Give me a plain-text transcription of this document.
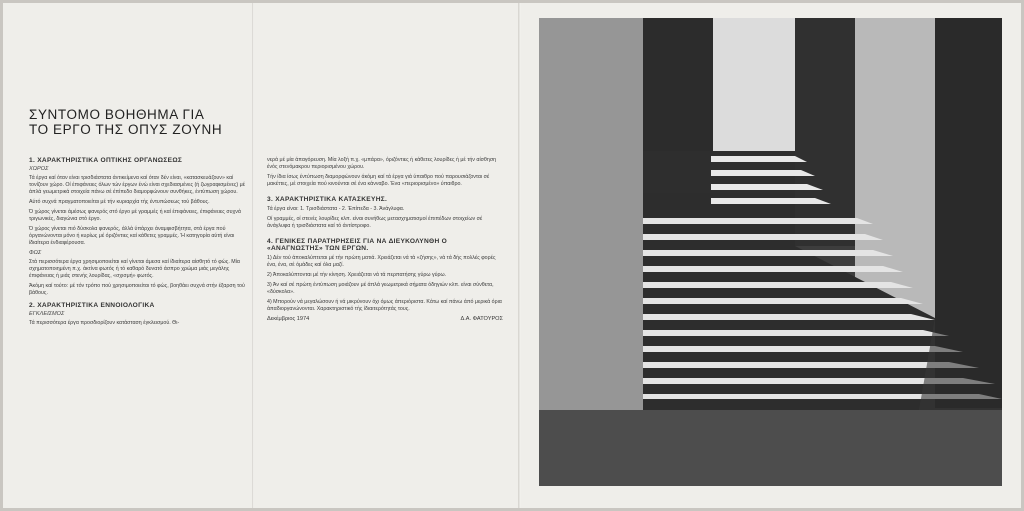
ΣΥΝΤΟΜΟ ΒΟΗΘΗΜΑ ΓΙΑ
ΤΟ ΕΡΓΟ ΤΗΣ ΟΠΥΣ ΖΟΥΝΗ

1. ΧΑΡΑΚΤΗΡΙΣΤΙΚΑ ΟΠΤΙΚΗΣ ΟΡΓΑΝΩΣΕΩΣ

ΧΩΡΟΣ

Τά έργα καί όταν είναι τρισδιάστατα άντικείμενα καί όταν δέν είναι, «κατασκευάζουν» καί τονίζουν χώρο. Οί έπιφάνειες όλων τών έργων ένώ είναι σχεδιασμένες (ή ζωγραφισμένες) μέ άπλά γεωμετρικά στοιχεία πάνω σέ έπίπεδο διαμορφώνουν συνθήκες, έντύπωση χώρου.

Αύτό συχνά πραγματοποιείται μέ τήν κυριαρχία τής έντυπώσεως τού βάθους.

Ό χώρος γίνεται άμέσως φανερός στό έργο μέ γραμμές ή καί έπιφάνειες, έπιφάνειες συχνά τριγωνικές, διαγώνια στό έργο.

Ό χώρος γίνεται πιό δύσκολα φανερός, άλλά ύπάρχει άναμφισβήτητα, στά έργα πού όργανώνονται μόνο ή κυρίως μέ όριζόντιες καί κάθετες γραμμές. Ή κατηγορία αύτή είναι ίδιαίτερα ένδιαφέρουσα.

ΦΩΣ

Στά περισσότερα έργα χρησιμοποιείται καί γίνεται άμεσα καί ίδιαίτερα αίσθητό τό φώς. Μία σχηματοποιημένη π.χ. άκτίνα φωτός ή τό καθαρό δυνατό άσπρο χρώμα μιάς μεγάλης έπιφάνειας ή μιάς στενής λουρίδας, «σχισμή» φωτός.

Άκόμη καί τούτο: μέ τόν τρόπο πού χρησιμοποιείται τό φώς, βοηθάει συχνά στήν έξαρση τού βάθους.

2. ΧΑΡΑΚΤΗΡΙΣΤΙΚΑ ΕΝΝΟΙΟΛΟΓΙΚΑ

ΕΓΚΛΕΙΣΜΟΣ

Τά περισσότερα έργα προσδιορίζουν κατάσταση έγκλεισμού. Θι-

νερά μέ μία άπαγόρευση. Μία λοξή π.χ. «μπάρα», όριζόντιες ή κάθετες λουρίδες ή μέ τήν αίσθηση ένός στενόμακρου περιορισμένου χώρου.

Τήν ίδια ίσως έντύπωση διαμορφώνουν άκόμη καί τά έργα γιά ύπαιθρο πού παρουσιάζονται σέ μακέττες, μέ στοιχεία πού κινούνται σέ ένα κάνναβο. Ένα «περιορισμένο» ύπαιθρο.

3. ΧΑΡΑΚΤΗΡΙΣΤΙΚΑ ΚΑΤΑΣΚΕΥΗΣ.

Τά έργα είναι: 1. Τρισδιάστατα - 2. Έπίπεδα - 3. Άνάγλυφα.

Οί γραμμές, οί στενές λουρίδες κλπ. είναι συνήθως μετασχηματισμοί έπιπέδων στοιχείων σέ άνάγλυφα ή τρισδιάστατα καί τό άντίστροφο.

4. ΓΕΝΙΚΕΣ ΠΑΡΑΤΗΡΗΣΕΙΣ ΓΙΑ ΝΑ ΔΙΕΥΚΟΛΥΝΘΗ Ο «ΑΝΑΓΝΩΣΤΗΣ» ΤΩΝ ΕΡΓΩΝ.

1) Δέν τού άποκαλύπτεται μέ τήν πρώτη ματιά. Χρειάζεται νά τά «ζήσης», νά τά δής πολλές φορές ένα, ένα, σέ όμάδες καί όλα μαζί.

2) Άποκαλύπτονται μέ τήν κίνηση. Χρειάζεται νά τά περπατήσης γύρω γύρω.

3) Άν καί σέ πρώτη έντύπωση μοιάζουν μέ άπλά γεωμετρικά σήματα όδηγιών κλπ. είναι σύνθετα, «δύσκολα».

4) Μπορούν νά μεγαλώσουν ή νά μικρύνουν όχι όμως άπεριόριστα. Κάτω καί πάνω άπό μερικά όρια άπαδιοργανώνονται. Χαρακτηριστικό τής ίδιαιτερότητάς τους.

Δεκέμβριος 1974	Δ.Α. ΦΑΤΟΥΡΟΣ
